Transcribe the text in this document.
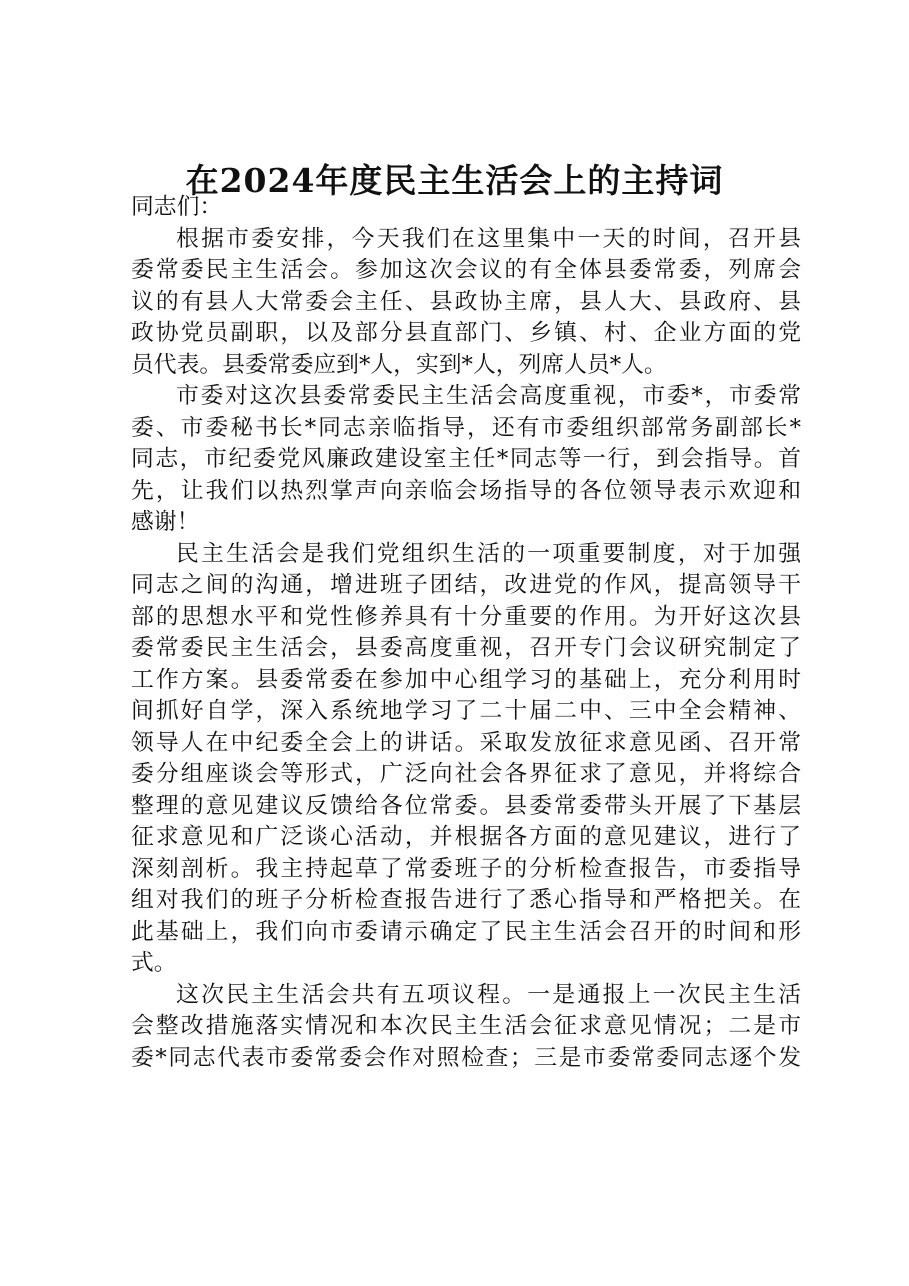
在2024年度民主生活会上的主持词

同志们：

根据市委安排，今天我们在这里集中一天的时间，召开县
委常委民主生活会。参加这次会议的有全体县委常委，列席会
议的有县人大常委会主任、县政协主席，县人大、县政府、县
政协党员副职，以及部分县直部门、乡镇、村、企业方面的党
员代表。县委常委应到*人，实到*人，列席人员*人。
市委对这次县委常委民主生活会高度重视，市委*，市委常
委、市委秘书长*同志亲临指导，还有市委组织部常务副部长*
同志，市纪委党风廉政建设室主任*同志等一行，到会指导。首
先，让我们以热烈掌声向亲临会场指导的各位领导表示欢迎和
感谢！
民主生活会是我们党组织生活的一项重要制度，对于加强
同志之间的沟通，增进班子团结，改进党的作风，提高领导干
部的思想水平和党性修养具有十分重要的作用。为开好这次县
委常委民主生活会，县委高度重视，召开专门会议研究制定了
工作方案。县委常委在参加中心组学习的基础上，充分利用时
间抓好自学，深入系统地学习了二十届二中、三中全会精神、
领导人在中纪委全会上的讲话。采取发放征求意见函、召开常
委分组座谈会等形式，广泛向社会各界征求了意见，并将综合
整理的意见建议反馈给各位常委。县委常委带头开展了下基层
征求意见和广泛谈心活动，并根据各方面的意见建议，进行了
深刻剖析。我主持起草了常委班子的分析检查报告，市委指导
组对我们的班子分析检查报告进行了悉心指导和严格把关。在
此基础上，我们向市委请示确定了民主生活会召开的时间和形
式。
这次民主生活会共有五项议程。一是通报上一次民主生活
会整改措施落实情况和本次民主生活会征求意见情况；二是市
委*同志代表市委常委会作对照检查；三是市委常委同志逐个发
